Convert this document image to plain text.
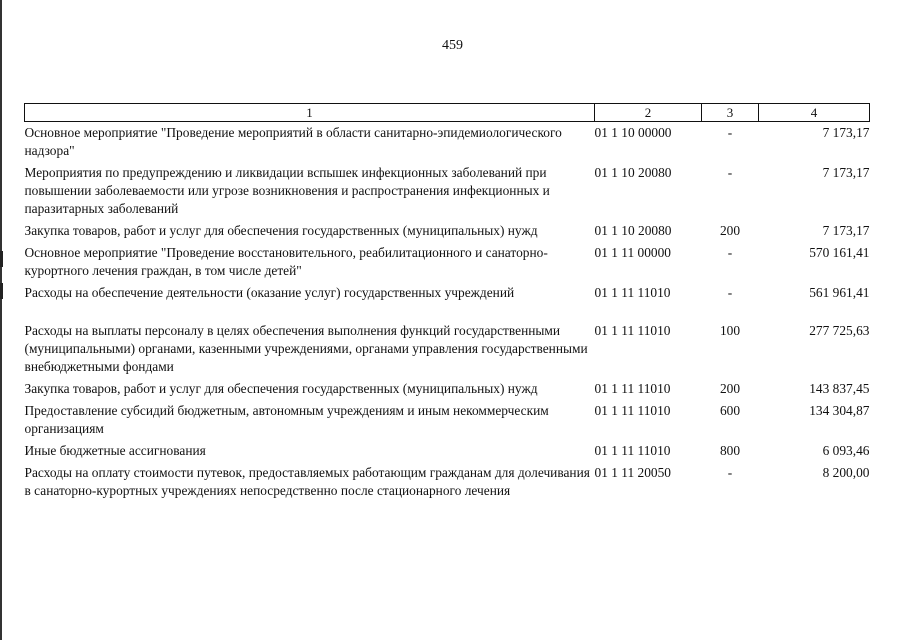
459
1	2	3	4
Основное мероприятие "Проведение мероприятий в области санитарно-эпидемиологического надзора"	01 1 10 00000	-	7 173,17
Мероприятия по предупреждению и ликвидации вспышек инфекционных заболеваний при повышении заболеваемости или угрозе возникновения и распространения инфекционных и паразитарных заболеваний	01 1 10 20080	-	7 173,17
Закупка товаров, работ и услуг для обеспечения государственных (муниципальных) нужд	01 1 10 20080	200	7 173,17
Основное мероприятие "Проведение восстановительного, реабилитационного и санаторно-курортного лечения граждан, в том числе детей"	01 1 11 00000	-	570 161,41
Расходы на обеспечение деятельности (оказание услуг) государственных учреждений	01 1 11 11010	-	561 961,41
Расходы на выплаты персоналу в целях обеспечения выполнения функций государственными (муниципальными) органами, казенными учреждениями, органами управления государственными внебюджетными фондами	01 1 11 11010	100	277 725,63
Закупка товаров, работ и услуг для обеспечения государственных (муниципальных) нужд	01 1 11 11010	200	143 837,45
Предоставление субсидий бюджетным, автономным учреждениям и иным некоммерческим организациям	01 1 11 11010	600	134 304,87
Иные бюджетные ассигнования	01 1 11 11010	800	6 093,46
Расходы на оплату стоимости путевок, предоставляемых работающим гражданам для долечивания в санаторно-курортных учреждениях непосредственно после стационарного лечения	01 1 11 20050	-	8 200,00
